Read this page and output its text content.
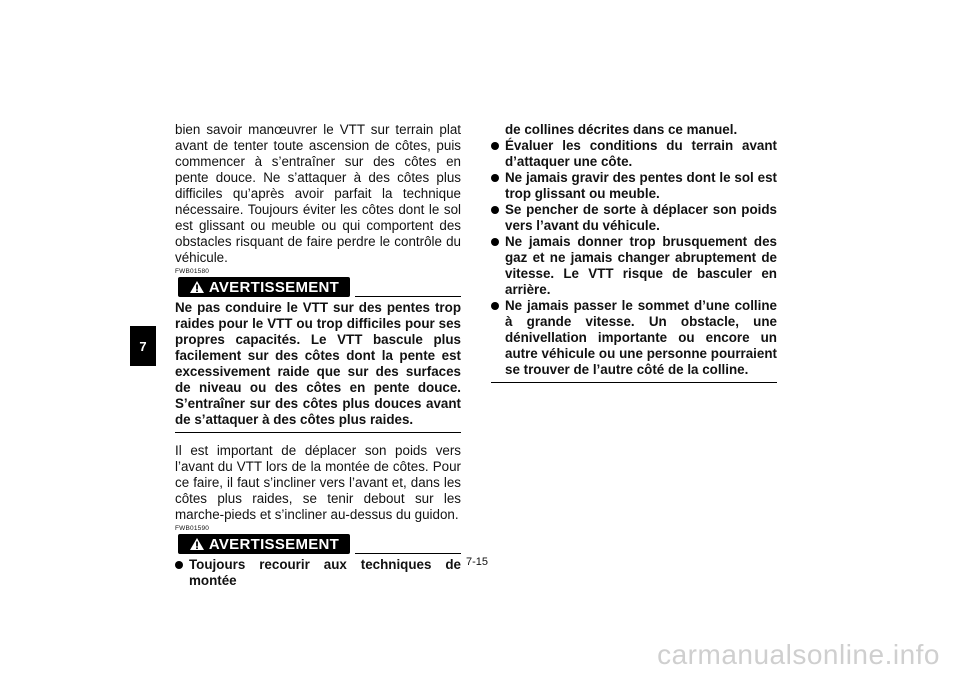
7

bien savoir manœuvrer le VTT sur terrain plat avant de tenter toute ascension de côtes, puis commencer à s’entraîner sur des côtes en pente douce. Ne s’attaquer à des côtes plus difficiles qu’après avoir parfait la technique nécessaire. Toujours éviter les côtes dont le sol est glissant ou meuble ou qui comportent des obstacles risquant de faire perdre le contrôle du véhicule.

FWB01580
AVERTISSEMENT

Ne pas conduire le VTT sur des pentes trop raides pour le VTT ou trop difficiles pour ses propres capacités. Le VTT bascule plus facilement sur des côtes dont la pente est excessivement raide que sur des surfaces de niveau ou des côtes en pente douce. S’entraîner sur des côtes plus douces avant de s’attaquer à des côtes plus raides.

Il est important de déplacer son poids vers l’avant du VTT lors de la montée de côtes. Pour ce faire, il faut s’incliner vers l’avant et, dans les côtes plus raides, se tenir debout sur les marche-pieds et s’incliner au-dessus du guidon.

FWB01590
AVERTISSEMENT
Toujours recourir aux techniques de montée
de collines décrites dans ce manuel.
Évaluer les conditions du terrain avant d’attaquer une côte.
Ne jamais gravir des pentes dont le sol est trop glissant ou meuble.
Se pencher de sorte à déplacer son poids vers l’avant du véhicule.
Ne jamais donner trop brusquement des gaz et ne jamais changer abruptement de vitesse. Le VTT risque de basculer en arrière.
Ne jamais passer le sommet d’une colline à grande vitesse. Un obstacle, une dénivellation importante ou encore un autre véhicule ou une personne pourraient se trouver de l’autre côté de la colline.
7-15
carmanualsonline.info
